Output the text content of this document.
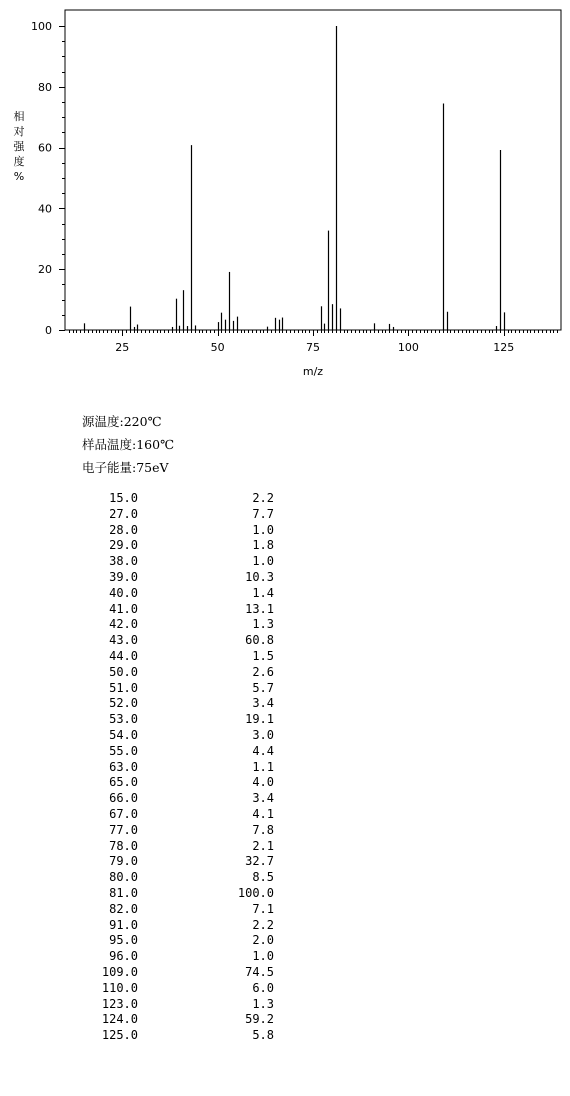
25	50	75	100	125
0
20
40
60
80
100
m/z
相对强度%
源温度:220℃
样品温度:160℃
电子能量:75eV
15.0	2.2
27.0	7.7
28.0	1.0
29.0	1.8
38.0	1.0
39.0	10.3
40.0	1.4
41.0	13.1
42.0	1.3
43.0	60.8
44.0	1.5
50.0	2.6
51.0	5.7
52.0	3.4
53.0	19.1
54.0	3.0
55.0	4.4
63.0	1.1
65.0	4.0
66.0	3.4
67.0	4.1
77.0	7.8
78.0	2.1
79.0	32.7
80.0	8.5
81.0	100.0
82.0	7.1
91.0	2.2
95.0	2.0
96.0	1.0
109.0	74.5
110.0	6.0
123.0	1.3
124.0	59.2
125.0	5.8
